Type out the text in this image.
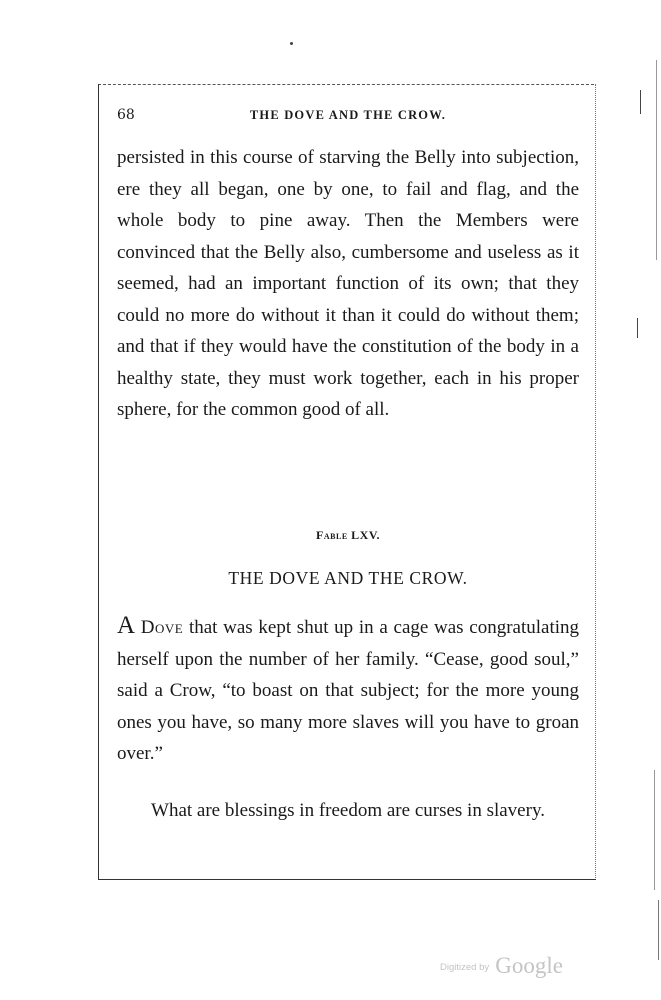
68	THE DOVE AND THE CROW.

persisted in this course of starving the Belly into subjection, ere they all began, one by one, to fail and flag, and the whole body to pine away. Then the Members were convinced that the Belly also, cumbersome and useless as it seemed, had an important function of its own; that they could no more do without it than it could do without them; and that if they would have the constitution of the body in a healthy state, they must work together, each in his proper sphere, for the common good of all.

Fable LXV.
THE DOVE AND THE CROW.

A Dove that was kept shut up in a cage was congratulating herself upon the number of her family. “Cease, good soul,” said a Crow, “to boast on that subject; for the more young ones you have, so many more slaves will you have to groan over.”

What are blessings in freedom are curses in slavery.
Digitized by Google
